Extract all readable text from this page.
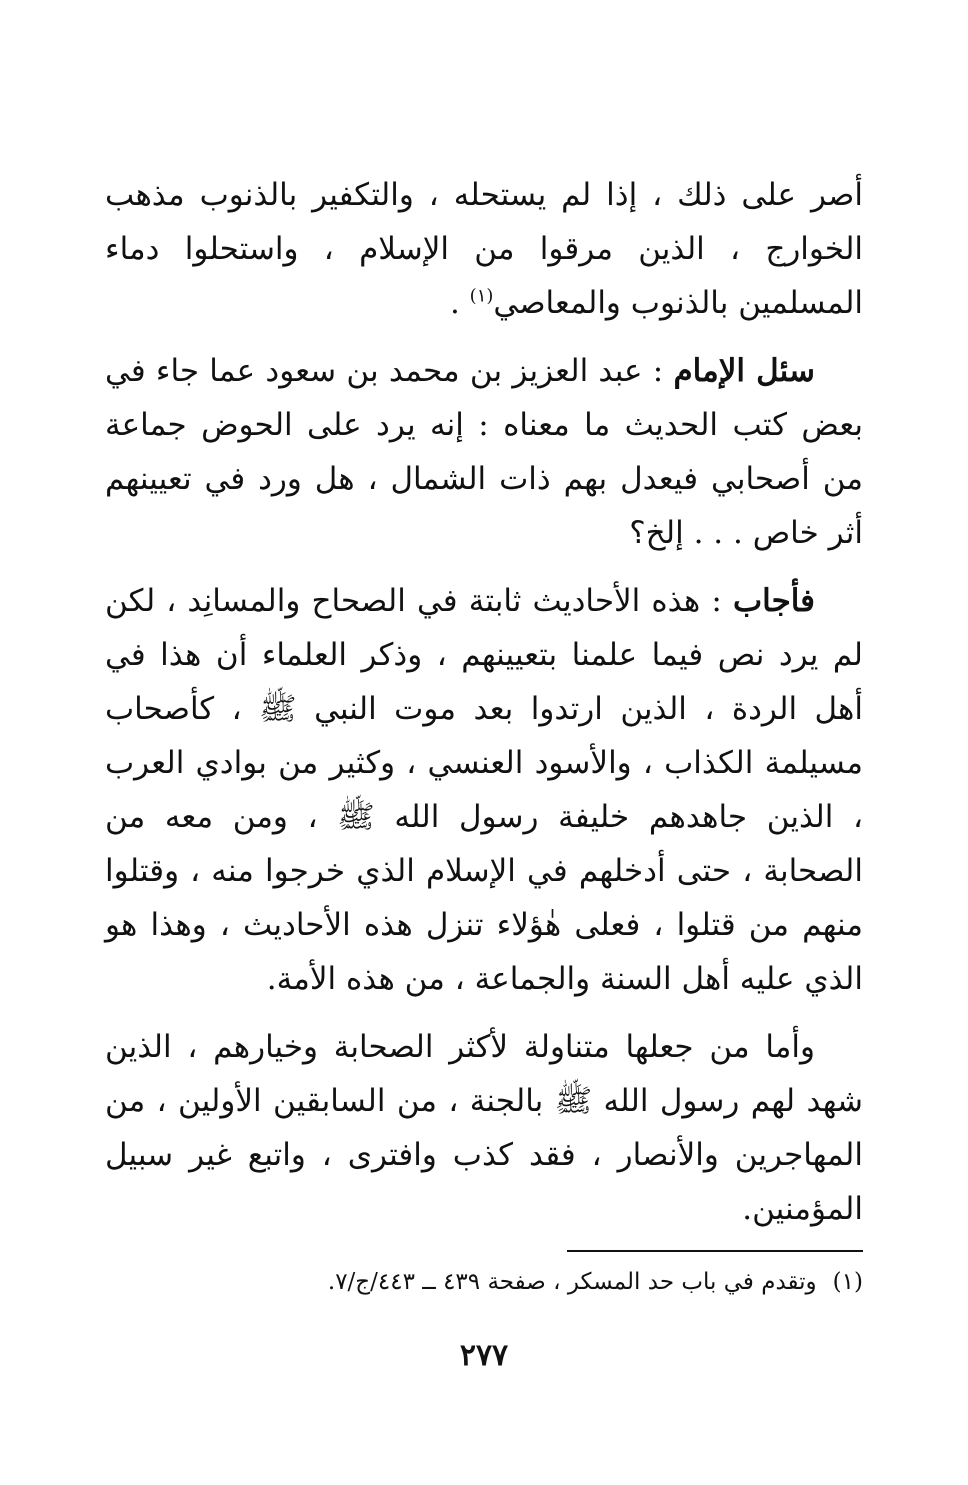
أصر على ذلك ، إذا لم يستحله ، والتكفير بالذنوب مذهب الخوارج ، الذين مرقوا من الإسلام ، واستحلوا دماء المسلمين بالذنوب والمعاصي$^{(١)}$ .

سئل الإمام : عبد العزيز بن محمد بن سعود عما جاء في بعض كتب الحديث ما معناه : إنه يرد على الحوض جماعة من أصحابي فيعدل بهم ذات الشمال ، هل ورد في تعيينهم أثر خاص . . . إلخ؟

فأجاب : هذه الأحاديث ثابتة في الصحاح والمسانِد ، لكن لم يرد نص فيما علمنا بتعيينهم ، وذكر العلماء أن هذا في أهل الردة ، الذين ارتدوا بعد موت النبي ﷺ ، كأصحاب مسيلمة الكذاب ، والأسود العنسي ، وكثير من بوادي العرب ، الذين جاهدهم خليفة رسول الله ﷺ ، ومن معه من الصحابة ، حتى أدخلهم في الإسلام الذي خرجوا منه ، وقتلوا منهم من قتلوا ، فعلى هٰؤلاء تنزل هذه الأحاديث ، وهذا هو الذي عليه أهل السنة والجماعة ، من هذه الأمة.

وأما من جعلها متناولة لأكثر الصحابة وخيارهم ، الذين شهد لهم رسول الله ﷺ بالجنة ، من السابقين الأولين ، من المهاجرين والأنصار ، فقد كذب وافترى ، واتبع غير سبيل المؤمنين.

(١)وتقدم في باب حد المسكر ، صفحة ٤٣٩ ــ ٤٤٣/ج/٧.
٢٧٧
